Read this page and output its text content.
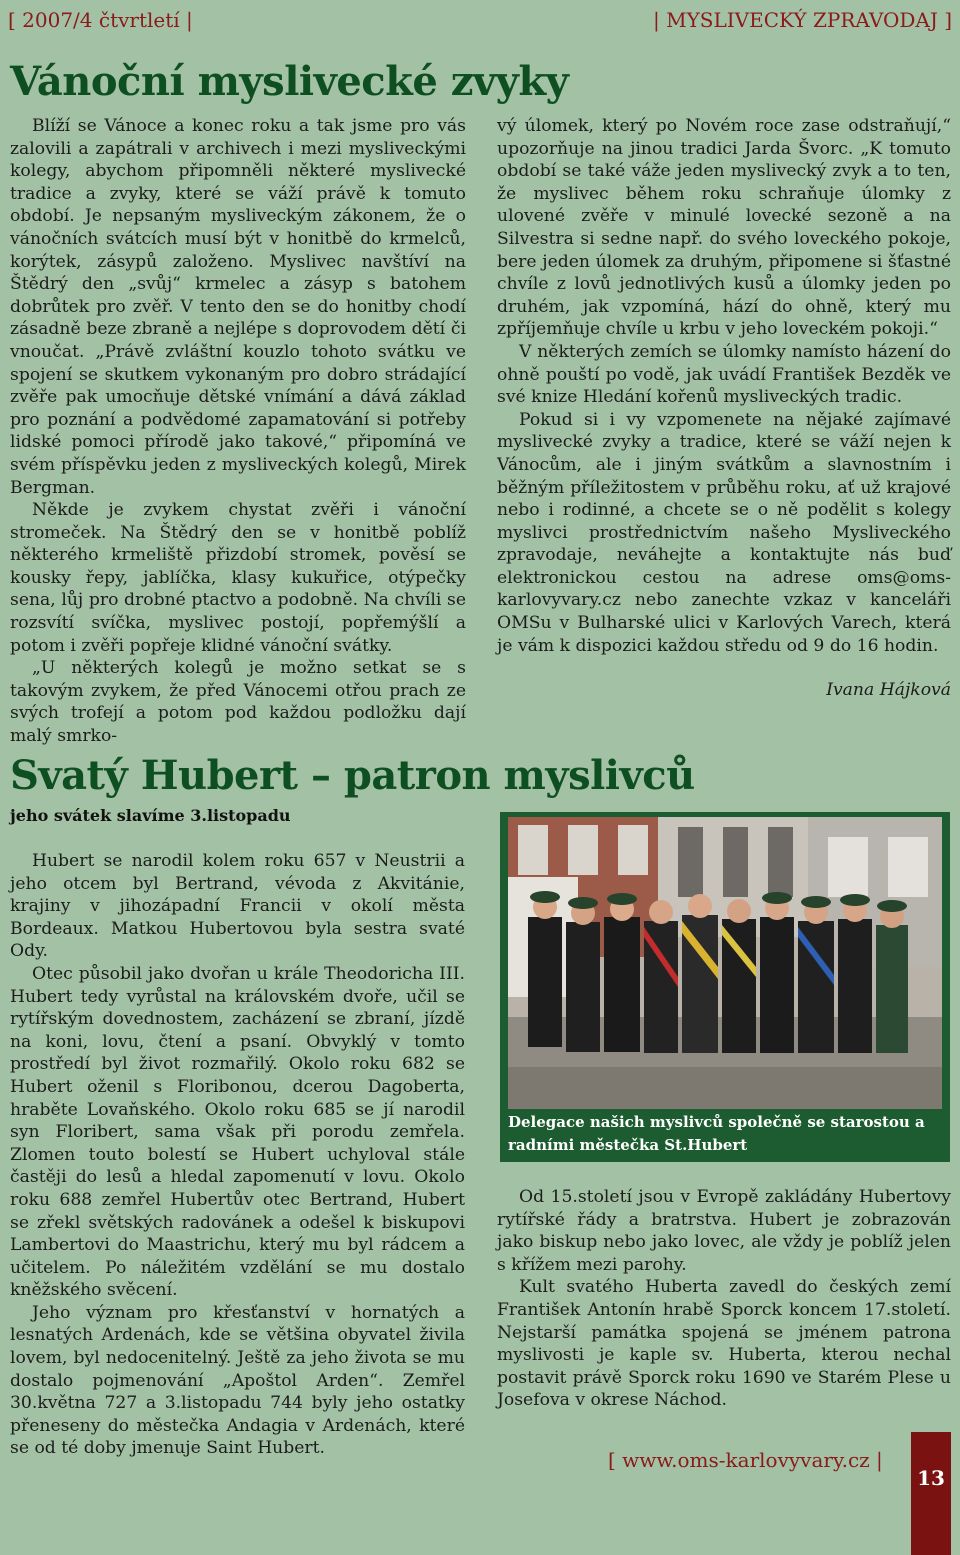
[ 2007/4 čtvrtletí |	| MYSLIVECKÝ ZPRAVODAJ ]
Vánoční myslivecké zvyky

Blíží se Vánoce a konec roku a tak jsme pro vás zalovili a zapátrali v archivech i mezi mysliveckými kolegy, abychom připomněli některé myslivecké tradice a zvyky, které se váží právě k tomuto období. Je nepsaným mysliveckým zákonem, že o vánočních svátcích musí být v honitbě do krmelců, korýtek, zásypů založeno. Myslivec navštíví na Štědrý den „svůj“ krmelec a zásyp s batohem dobrůtek pro zvěř. V tento den se do honitby chodí zásadně beze zbraně a nejlépe s doprovodem dětí či vnoučat. „Právě zvláštní kouzlo tohoto svátku ve spojení se skutkem vykonaným pro dobro strádající zvěře pak umocňuje dětské vnímání a dává základ pro poznání a podvědomé zapamatování si potřeby lidské pomoci přírodě jako takové,“ připomíná ve svém příspěvku jeden z mysliveckých kolegů, Mirek Bergman.

Někde je zvykem chystat zvěři i vánoční stromeček. Na Štědrý den se v honitbě poblíž některého krmeliště přizdobí stromek, pověsí se kousky řepy, jablíčka, klasy kukuřice, otýpečky sena, lůj pro drobné ptactvo a podobně. Na chvíli se rozsvítí svíčka, myslivec postojí, popřemýšlí a potom i zvěři popřeje klidné vánoční svátky.

„U některých kolegů je možno setkat se s takovým zvykem, že před Vánocemi otřou prach ze svých trofejí a potom pod každou podložku dají malý smrko-

vý úlomek, který po Novém roce zase odstraňují,“ upozorňuje na jinou tradici Jarda Švorc. „K tomuto období se také váže jeden myslivecký zvyk a to ten, že myslivec během roku schraňuje úlomky z ulovené zvěře v minulé lovecké sezoně a na Silvestra si sedne např. do svého loveckého pokoje, bere jeden úlomek za druhým, připomene si šťastné chvíle z lovů jednotlivých kusů a úlomky jeden po druhém, jak vzpomíná, hází do ohně, který mu zpříjemňuje chvíle u krbu v jeho loveckém pokoji.“

V některých zemích se úlomky namísto házení do ohně pouští po vodě, jak uvádí František Bezděk ve své knize Hledání kořenů mysliveckých tradic.

Pokud si i vy vzpomenete na nějaké zajímavé myslivecké zvyky a tradice, které se váží nejen k Vánocům, ale i jiným svátkům a slavnostním i běžným příležitostem v průběhu roku, ať už krajové nebo i rodinné, a chcete se o ně podělit s kolegy myslivci prostřednictvím našeho Mysliveckého zpravodaje, neváhejte a kontaktujte nás buď elektronickou cestou na adrese oms@oms-karlovyvary.cz nebo zanechte vzkaz v kanceláři OMSu v Bulharské ulici v Karlových Varech, která je vám k dispozici každou středu od 9 do 16 hodin.

Ivana Hájková

Svatý Hubert – patron myslivců
jeho svátek slavíme 3.listopadu

Hubert se narodil kolem roku 657 v Neustrii a jeho otcem byl Bertrand, vévoda z Akvitánie, krajiny v jihozápadní Francii v okolí města Bordeaux. Matkou Hubertovou byla sestra svaté Ody.

Otec působil jako dvořan u krále Theodoricha III. Hubert tedy vyrůstal na královském dvoře, učil se rytířským dovednostem, zacházení se zbraní, jízdě na koni, lovu, čtení a psaní. Obvyklý v tomto prostředí byl život rozmařilý. Okolo roku 682 se Hubert oženil s Floribonou, dcerou Dagoberta, hraběte Lovaňského. Okolo roku 685 se jí narodil syn Floribert, sama však při porodu zemřela. Zlomen touto bolestí se Hubert uchyloval stále častěji do lesů a hledal zapomenutí v lovu. Okolo roku 688 zemřel Hubertův otec Bertrand, Hubert se zřekl světských radovánek a odešel k biskupovi Lambertovi do Maastrichu, který mu byl rádcem a učitelem. Po náležitém vzdělání se mu dostalo kněžského svěcení.

Jeho význam pro křesťanství v hornatých a lesnatých Ardenách, kde se většina obyvatel živila lovem, byl nedocenitelný. Ještě za jeho života se mu dostalo pojmenování „Apoštol Arden“. Zemřel 30.května 727 a 3.listopadu 744 byly jeho ostatky přeneseny do městečka Andagia v Ardenách, které se od té doby jmenuje Saint Hubert.

Delegace našich myslivců společně se starostou a radními městečka St.Hubert

Od 15.století jsou v Evropě zakládány Hubertovy rytířské řády a bratrstva. Hubert je zobrazován jako biskup nebo jako lovec, ale vždy je poblíž jelen s křížem mezi parohy.

Kult svatého Huberta zavedl do českých zemí František Antonín hrabě Sporck koncem 17.století. Nejstarší památka spojená se jménem patrona myslivosti je kaple sv. Huberta, kterou nechal postavit právě Sporck roku 1690 ve Starém Plese u Josefova v okrese Náchod.

[ www.oms-karlovyvary.cz |
13
